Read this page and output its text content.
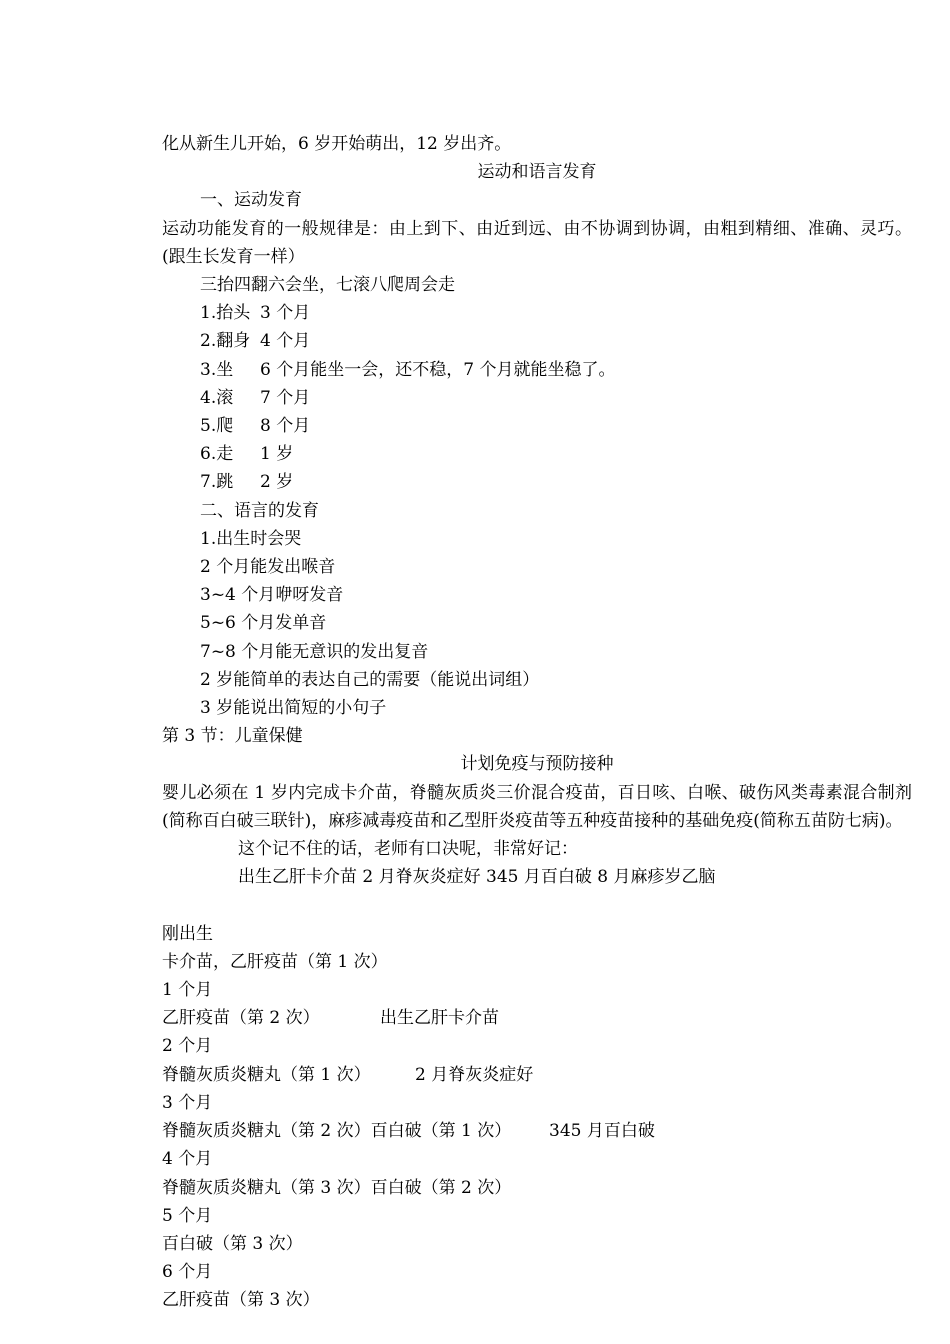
化从新生儿开始，6 岁开始萌出，12 岁出齐。

运动和语言发育

一、运动发育

运动功能发育的一般规律是：由上到下、由近到远、由不协调到协调，由粗到精细、准确、灵巧。(跟生长发育一样）

三抬四翻六会坐，七滚八爬周会走

1.抬头 3 个月

2.翻身 4 个月

3.坐 6 个月能坐一会，还不稳，7 个月就能坐稳了。

4.滚 7 个月

5.爬 8 个月

6.走 1 岁

7.跳 2 岁

二、语言的发育

1.出生时会哭

2 个月能发出喉音

3~4 个月咿呀发音

5~6 个月发单音

7~8 个月能无意识的发出复音

2 岁能简单的表达自己的需要（能说出词组）

3 岁能说出简短的小句子

第 3 节：儿童保健

计划免疫与预防接种

婴儿必须在 1 岁内完成卡介苗，脊髓灰质炎三价混合疫苗，百日咳、白喉、破伤风类毒素混合制剂(简称百白破三联针)，麻疹减毒疫苗和乙型肝炎疫苗等五种疫苗接种的基础免疫(简称五苗防七病)。

这个记不住的话，老师有口决呢，非常好记：

出生乙肝卡介苗 2 月脊灰炎症好 345 月百白破 8 月麻疹岁乙脑

刚出生

卡介苗，乙肝疫苗（第 1 次）

1 个月

乙肝疫苗（第 2 次）	出生乙肝卡介苗

2 个月

脊髓灰质炎糖丸（第 1 次）	2 月脊灰炎症好

3 个月

脊髓灰质炎糖丸（第 2 次）百白破（第 1 次） 345 月百白破

4 个月

脊髓灰质炎糖丸（第 3 次）百白破（第 2 次）

5 个月

百白破（第 3 次）

6 个月

乙肝疫苗（第 3 次）
